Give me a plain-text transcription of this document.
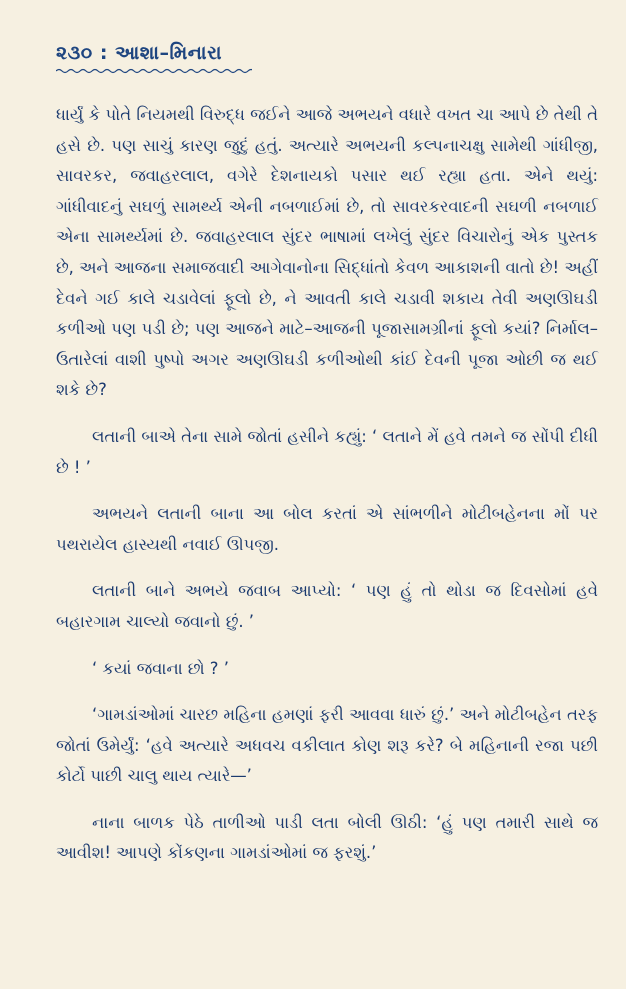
૨૩૦ : આશા–મિનારા

ધાર્યું કે પોતે નિયમથી વિરુદ્ધ જઈને આજે અભયને વધારે વખત ચા આપે છે તેથી તે હસે છે. પણ સાચું કારણ જુદું હતું. અત્યારે અભયની કલ્પનાચક્ષુ સામેથી ગાંધીજી, સાવરકર, જવાહરલાલ, વગેરે દેશનાયકો પસાર થઈ રહ્યા હતા. એને થયું: ગાંધીવાદનું સઘળું સામર્થ્ય એની નબળાઈમાં છે, તો સાવરકરવાદની સઘળી નબળાઈ એના સામર્થ્યમાં છે. જવાહરલાલ સુંદર ભાષામાં લખેલું સુંદર વિચારોનું એક પુસ્તક છે, અને આજના સમાજવાદી આગેવાનોના સિદ્ધાંતો કેવળ આકાશની વાતો છે! અહીં દેવને ગઈ કાલે ચડાવેલાં ફૂલો છે, ને આવતી કાલે ચડાવી શકાય તેવી અણઊઘડી કળીઓ પણ પડી છે; પણ આજને માટે–આજની પૂજાસામગ્રીનાં ફૂલો કયાં? નિર્માલ–ઉતારેલાં વાશી પુષ્પો અગર અણઊઘડી કળીઓથી કાંઈ દેવની પૂજા ઓછી જ થઈ શકે છે?

લતાની બાએ તેના સામે જોતાં હસીને કહ્યું: ‘ લતાને મેં હવે તમને જ સોંપી દીધી છે ! ’

અભયને લતાની બાના આ બોલ કરતાં એ સાંભળીને મોટીબહેનના મોં પર પથરાયેલ હાસ્યથી નવાઈ ઊપજી.

લતાની બાને અભયે જવાબ આપ્યો: ‘ પણ હું તો થોડા જ દિવસોમાં હવે બહારગામ ચાલ્યો જવાનો છું. ’

‘ કયાં જવાના છો ? ’

‘ગામડાંઓમાં ચારછ મહિના હમણાં ફરી આવવા ધારું છું.’ અને મોટીબહેન તરફ જોતાં ઉમેર્યું: ‘હવે અત્યારે અધવચ વકીલાત કોણ શરૂ કરે? બે મહિનાની રજા પછી કોર્ટો પાછી ચાલુ થાય ત્યારે—’

નાના બાળક પેઠે તાળીઓ પાડી લતા બોલી ઊઠી: ‘હું પણ તમારી સાથે જ આવીશ! આપણે કોંકણના ગામડાંઓમાં જ ફરશું.’
